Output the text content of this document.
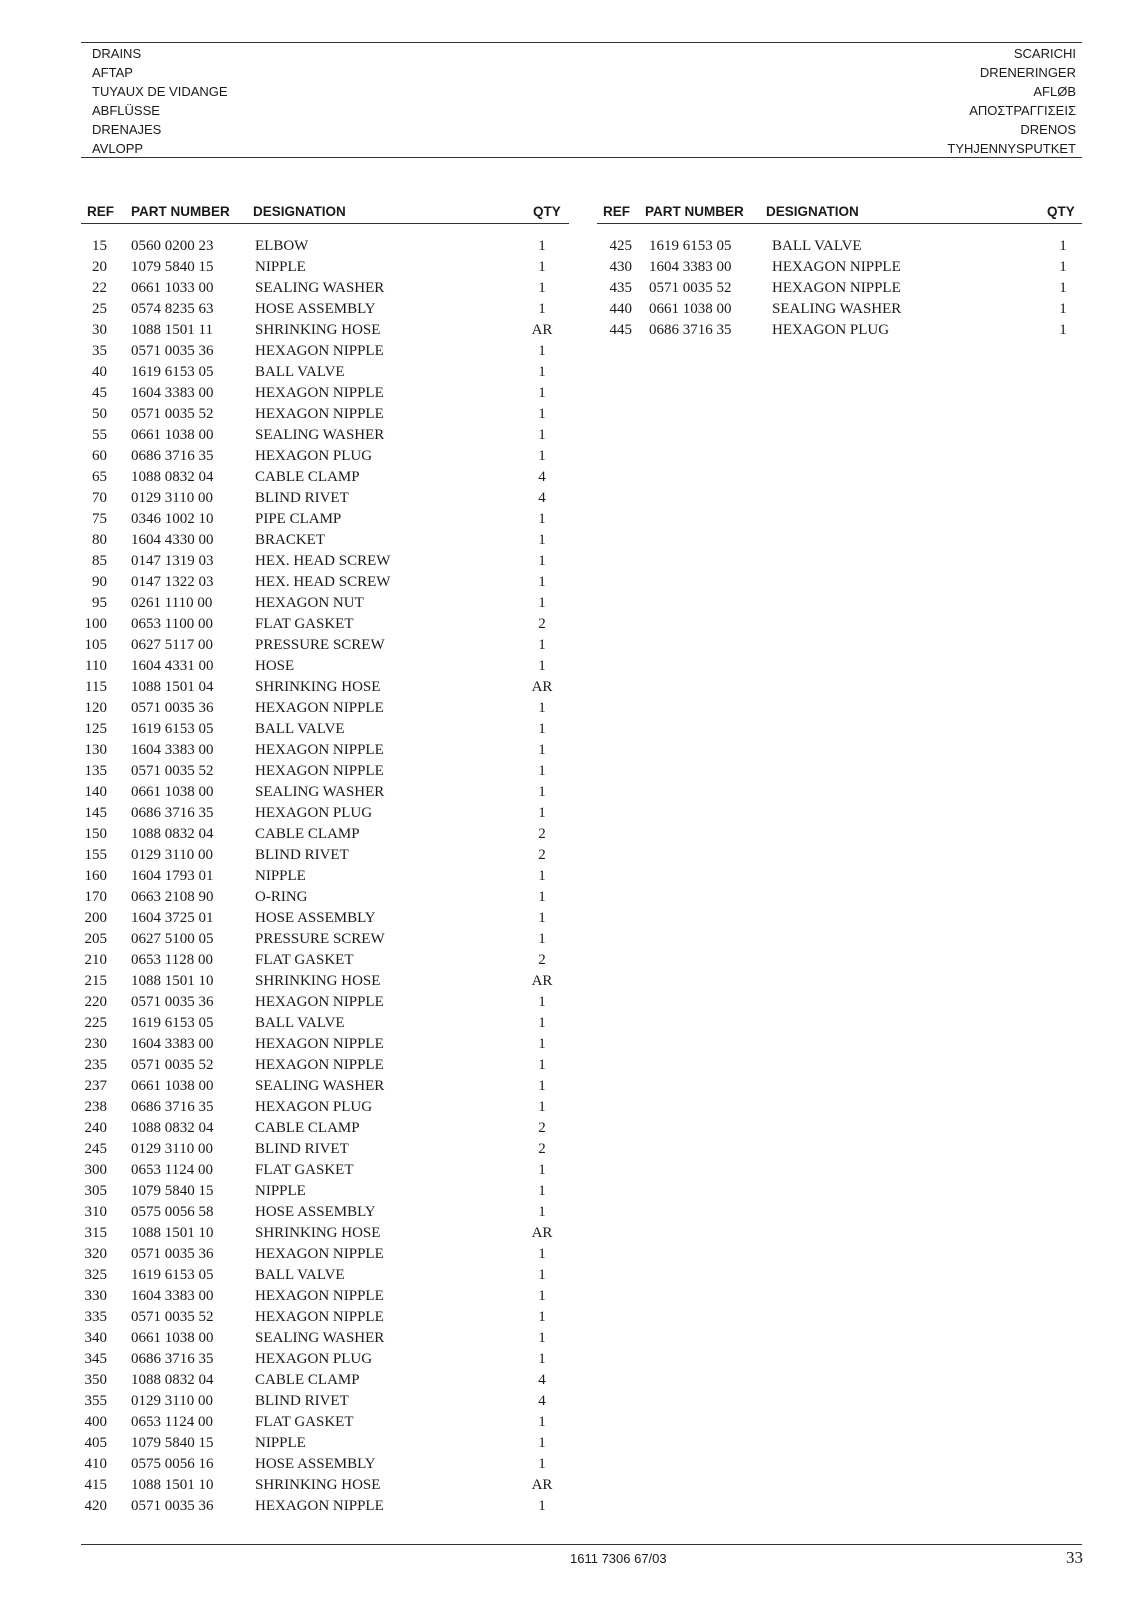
DRAINS
AFTAP
TUYAUX DE VIDANGE
ABFLÜSSE
DRENAJES
AVLOPP
SCARICHI
DRENERINGER
AFLØB
ΑΠΟΣΤΡΑΓΓΙΣΕΙΣ
DRENOS
TYHJENNYSPUTKET
REF PART NUMBER DESIGNATION	QTY
15 0560 0200 23	ELBOW	1
20 1079 5840 15	NIPPLE	1
22 0661 1033 00	SEALING WASHER	1
25 0574 8235 63	HOSE ASSEMBLY	1
30 1088 1501 11	SHRINKING HOSE	AR
35 0571 0035 36	HEXAGON NIPPLE	1
40 1619 6153 05	BALL VALVE	1
45 1604 3383 00	HEXAGON NIPPLE	1
50 0571 0035 52	HEXAGON NIPPLE	1
55 0661 1038 00	SEALING WASHER	1
60 0686 3716 35	HEXAGON PLUG	1
65 1088 0832 04	CABLE CLAMP	4
70 0129 3110 00	BLIND RIVET	4
75 0346 1002 10	PIPE CLAMP	1
80 1604 4330 00	BRACKET	1
85 0147 1319 03	HEX. HEAD SCREW	1
90 0147 1322 03	HEX. HEAD SCREW	1
95 0261 1110 00	HEXAGON NUT	1
100 0653 1100 00	FLAT GASKET	2
105 0627 5117 00	PRESSURE SCREW	1
110 1604 4331 00	HOSE	1
115 1088 1501 04	SHRINKING HOSE	AR
120 0571 0035 36	HEXAGON NIPPLE	1
125 1619 6153 05	BALL VALVE	1
130 1604 3383 00	HEXAGON NIPPLE	1
135 0571 0035 52	HEXAGON NIPPLE	1
140 0661 1038 00	SEALING WASHER	1
145 0686 3716 35	HEXAGON PLUG	1
150 1088 0832 04	CABLE CLAMP	2
155 0129 3110 00	BLIND RIVET	2
160 1604 1793 01	NIPPLE	1
170 0663 2108 90	O-RING	1
200 1604 3725 01	HOSE ASSEMBLY	1
205 0627 5100 05	PRESSURE SCREW	1
210 0653 1128 00	FLAT GASKET	2
215 1088 1501 10	SHRINKING HOSE	AR
220 0571 0035 36	HEXAGON NIPPLE	1
225 1619 6153 05	BALL VALVE	1
230 1604 3383 00	HEXAGON NIPPLE	1
235 0571 0035 52	HEXAGON NIPPLE	1
237 0661 1038 00	SEALING WASHER	1
238 0686 3716 35	HEXAGON PLUG	1
240 1088 0832 04	CABLE CLAMP	2
245 0129 3110 00	BLIND RIVET	2
300 0653 1124 00	FLAT GASKET	1
305 1079 5840 15	NIPPLE	1
310 0575 0056 58	HOSE ASSEMBLY	1
315 1088 1501 10	SHRINKING HOSE	AR
320 0571 0035 36	HEXAGON NIPPLE	1
325 1619 6153 05	BALL VALVE	1
330 1604 3383 00	HEXAGON NIPPLE	1
335 0571 0035 52	HEXAGON NIPPLE	1
340 0661 1038 00	SEALING WASHER	1
345 0686 3716 35	HEXAGON PLUG	1
350 1088 0832 04	CABLE CLAMP	4
355 0129 3110 00	BLIND RIVET	4
400 0653 1124 00	FLAT GASKET	1
405 1079 5840 15	NIPPLE	1
410 0575 0056 16	HOSE ASSEMBLY	1
415 1088 1501 10	SHRINKING HOSE	AR
420 0571 0035 36	HEXAGON NIPPLE	1
REF PART NUMBER DESIGNATION	QTY
425 1619 6153 05	BALL VALVE	1
430 1604 3383 00	HEXAGON NIPPLE	1
435 0571 0035 52	HEXAGON NIPPLE	1
440 0661 1038 00	SEALING WASHER	1
445 0686 3716 35	HEXAGON PLUG	1
1611 7306 67/03	33
